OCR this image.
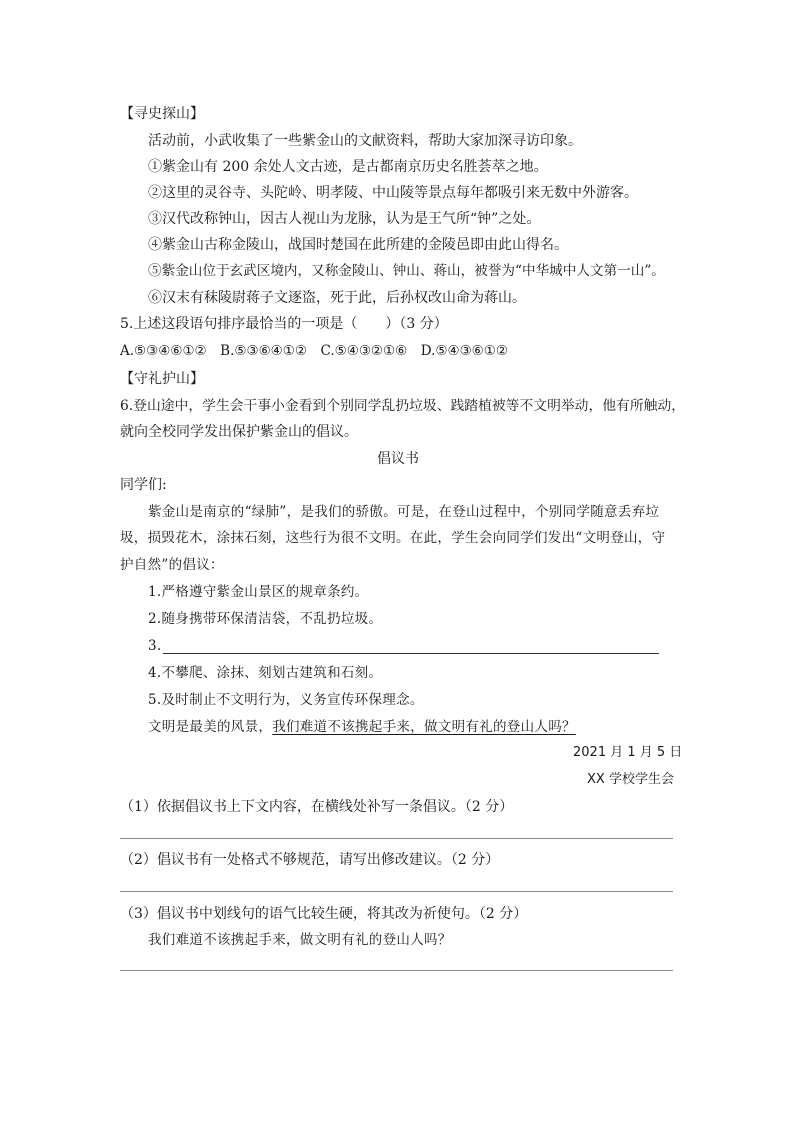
【寻史探山】
活动前，小武收集了一些紫金山的文献资料，帮助大家加深寻访印象。
①紫金山有 200 余处人文古迹，是古都南京历史名胜荟萃之地。
②这里的灵谷寺、头陀岭、明孝陵、中山陵等景点每年都吸引来无数中外游客。
③汉代改称钟山，因古人视山为龙脉，认为是王气所“钟”之处。
④紫金山古称金陵山，战国时楚国在此所建的金陵邑即由此山得名。
⑤紫金山位于玄武区境内，又称金陵山、钟山、蒋山，被誉为“中华城中人文第一山”。
⑥汉末有秣陵尉蒋子文逐盗，死于此，后孙权改山命为蒋山。
5.上述这段语句排序最恰当的一项是（　　）（3 分）
A.⑤③④⑥①②　B.⑤③⑥④①②　C.⑤④③②①⑥　D.⑤④③⑥①②
【守礼护山】
6.登山途中，学生会干事小金看到个别同学乱扔垃圾、践踏植被等不文明举动，他有所触动，
就向全校同学发出保护紫金山的倡议。
倡议书
同学们:
紫金山是南京的“绿肺”，是我们的骄傲。可是，在登山过程中，个别同学随意丢弃垃
圾，损毁花木，涂抹石刻，这些行为很不文明。在此，学生会向同学们发出“文明登山，守
护自然”的倡议：
1.严格遵守紫金山景区的规章条约。
2.随身携带环保清洁袋，不乱扔垃圾。
3.
4.不攀爬、涂抹、刻划古建筑和石刻。
5.及时制止不文明行为，义务宣传环保理念。
文明是最美的风景，我们难道不该携起手来，做文明有礼的登山人吗？
2021 月 1 月 5 日
XX 学校学生会
（1）依据倡议书上下文内容，在横线处补写一条倡议。（2 分）
（2）倡议书有一处格式不够规范，请写出修改建议。（2 分）
（3）倡议书中划线句的语气比较生硬，将其改为祈使句。（2 分）
我们难道不该携起手来，做文明有礼的登山人吗？
